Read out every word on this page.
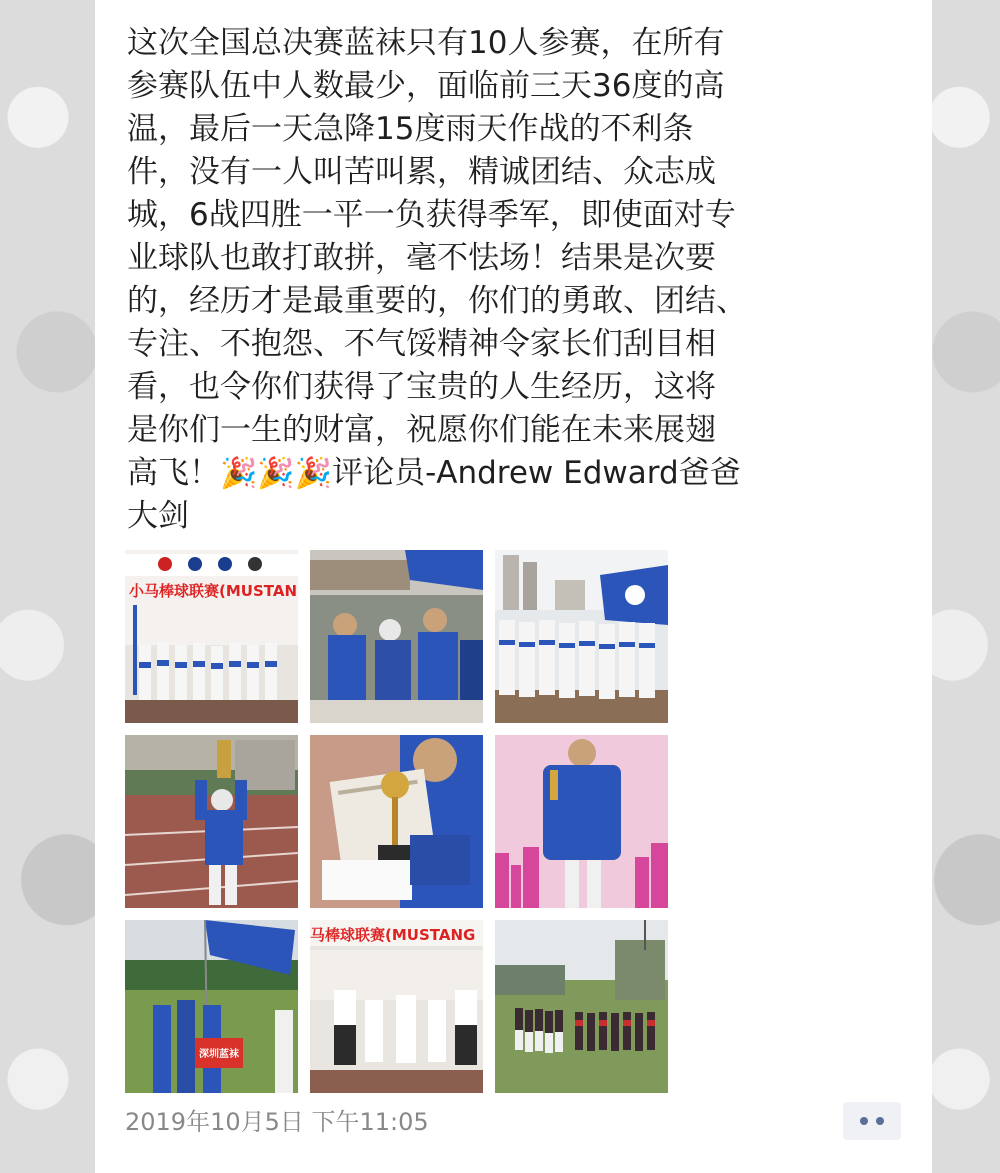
这次全国总决赛蓝袜只有10人参赛，在所有
参赛队伍中人数最少，面临前三天36度的高
温，最后一天急降15度雨天作战的不利条
件，没有一人叫苦叫累，精诚团结、众志成
城，6战四胜一平一负获得季军，即使面对专
业球队也敢打敢拼，毫不怯场！结果是次要
的，经历才是最重要的，你们的勇敢、团结、
专注、不抱怨、不气馁精神令家长们刮目相
看，也令你们获得了宝贵的人生经历，这将
是你们一生的财富，祝愿你们能在未来展翅
高飞！🎉🎉🎉评论员-Andrew Edward爸爸
大剑
小马棒球联赛(MUSTAN
深圳蓝袜
马棒球联赛(MUSTANG
2019年10月5日 下午11:05
